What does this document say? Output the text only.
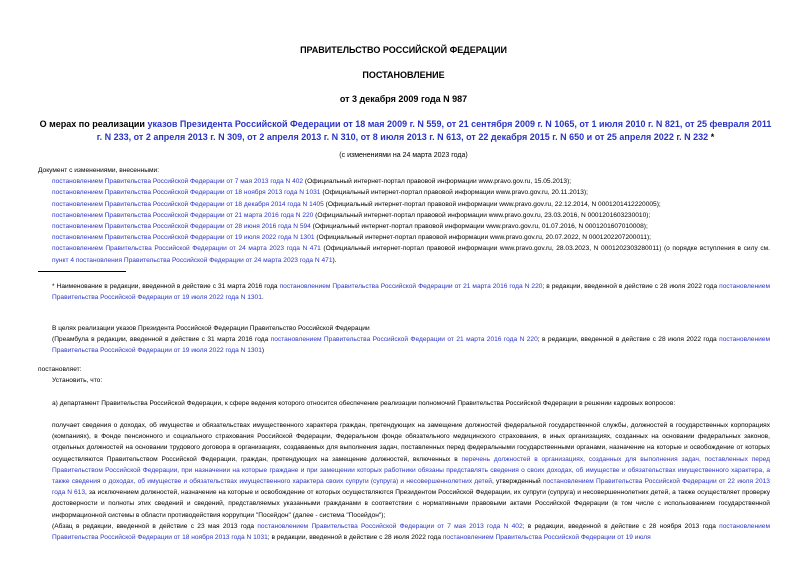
ПРАВИТЕЛЬСТВО РОССИЙСКОЙ ФЕДЕРАЦИИ
ПОСТАНОВЛЕНИЕ
от 3 декабря 2009 года N 987
О мерах по реализации указов Президента Российской Федерации от 18 мая 2009 г. N 559, от 21 сентября 2009 г. N 1065, от 1 июля 2010 г. N 821, от 25 февраля 2011 г. N 233, от 2 апреля 2013 г. N 309, от 2 апреля 2013 г. N 310, от 8 июля 2013 г. N 613, от 22 декабря 2015 г. N 650 и от 25 апреля 2022 г. N 232 *
(с изменениями на 24 марта 2023 года)

Документ с изменениями, внесенными:

постановлением Правительства Российской Федерации от 7 мая 2013 года N 402 (Официальный интернет-портал правовой информации www.pravo.gov.ru, 15.05.2013);

постановлением Правительства Российской Федерации от 18 ноября 2013 года N 1031 (Официальный интернет-портал правовой информации www.pravo.gov.ru, 20.11.2013);

постановлением Правительства Российской Федерации от 18 декабря 2014 года N 1405 (Официальный интернет-портал правовой информации www.pravo.gov.ru, 22.12.2014, N 0001201412220005);

постановлением Правительства Российской Федерации от 21 марта 2016 года N 220 (Официальный интернет-портал правовой информации www.pravo.gov.ru, 23.03.2016, N 0001201603230010);

постановлением Правительства Российской Федерации от 28 июня 2016 года N 594 (Официальный интернет-портал правовой информации www.pravo.gov.ru, 01.07.2016, N 0001201607010008);

постановлением Правительства Российской Федерации от 19 июля 2022 года N 1301 (Официальный интернет-портал правовой информации www.pravo.gov.ru, 20.07.2022, N 0001202207200011);

постановлением Правительства Российской Федерации от 24 марта 2023 года N 471 (Официальный интернет-портал правовой информации www.pravo.gov.ru, 28.03.2023, N 0001202303280011) (о порядке вступления в силу см. пункт 4 постановления Правительства Российской Федерации от 24 марта 2023 года N 471).

* Наименование в редакции, введенной в действие с 31 марта 2016 года постановлением Правительства Российской Федерации от 21 марта 2016 года N 220; в редакции, введенной в действие с 28 июля 2022 года постановлением Правительства Российской Федерации от 19 июля 2022 года N 1301.

В целях реализации указов Президента Российской Федерации Правительство Российской Федерации

(Преамбула в редакции, введенной в действие с 31 марта 2016 года постановлением Правительства Российской Федерации от 21 марта 2016 года N 220; в редакции, введенной в действие с 28 июля 2022 года постановлением Правительства Российской Федерации от 19 июля 2022 года N 1301)

постановляет:

Установить, что:

а) департамент Правительства Российской Федерации, к сфере ведения которого относится обеспечение реализации полномочий Правительства Российской Федерации в решении кадровых вопросов:

получает сведения о доходах, об имуществе и обязательствах имущественного характера граждан, претендующих на замещение должностей федеральной государственной службы, должностей в государственных корпорациях (компаниях), в Фонде пенсионного и социального страхования Российской Федерации, Федеральном фонде обязательного медицинского страхования, в иных организациях, созданных на основании федеральных законов, отдельных должностей на основании трудового договора в организациях, создаваемых для выполнения задач, поставленных перед федеральными государственными органами, назначение на которые и освобождение от которых осуществляются Правительством Российской Федерации, граждан, претендующих на замещение должностей, включенных в перечень должностей в организациях, созданных для выполнения задач, поставленных перед Правительством Российской Федерации, при назначении на которые граждане и при замещении которых работники обязаны представлять сведения о своих доходах, об имуществе и обязательствах имущественного характера, а также сведения о доходах, об имуществе и обязательствах имущественного характера своих супруги (супруга) и несовершеннолетних детей, утвержденный постановлением Правительства Российской Федерации от 22 июля 2013 года N 613, за исключением должностей, назначение на которые и освобождение от которых осуществляются Президентом Российской Федерации, их супруги (супруга) и несовершеннолетних детей, а также осуществляет проверку достоверности и полноты этих сведений и сведений, представляемых указанными гражданами в соответствии с нормативными правовыми актами Российской Федерации (в том числе с использованием государственной информационной системы в области противодействия коррупции "Посейдон" (далее - система "Посейдон");

(Абзац в редакции, введенной в действие с 23 мая 2013 года постановлением Правительства Российской Федерации от 7 мая 2013 года N 402; в редакции, введенной в действие с 28 ноября 2013 года постановлением Правительства Российской Федерации от 18 ноября 2013 года N 1031; в редакции, введенной в действие с 28 июля 2022 года постановлением Правительства Российской Федерации от 19 июля
